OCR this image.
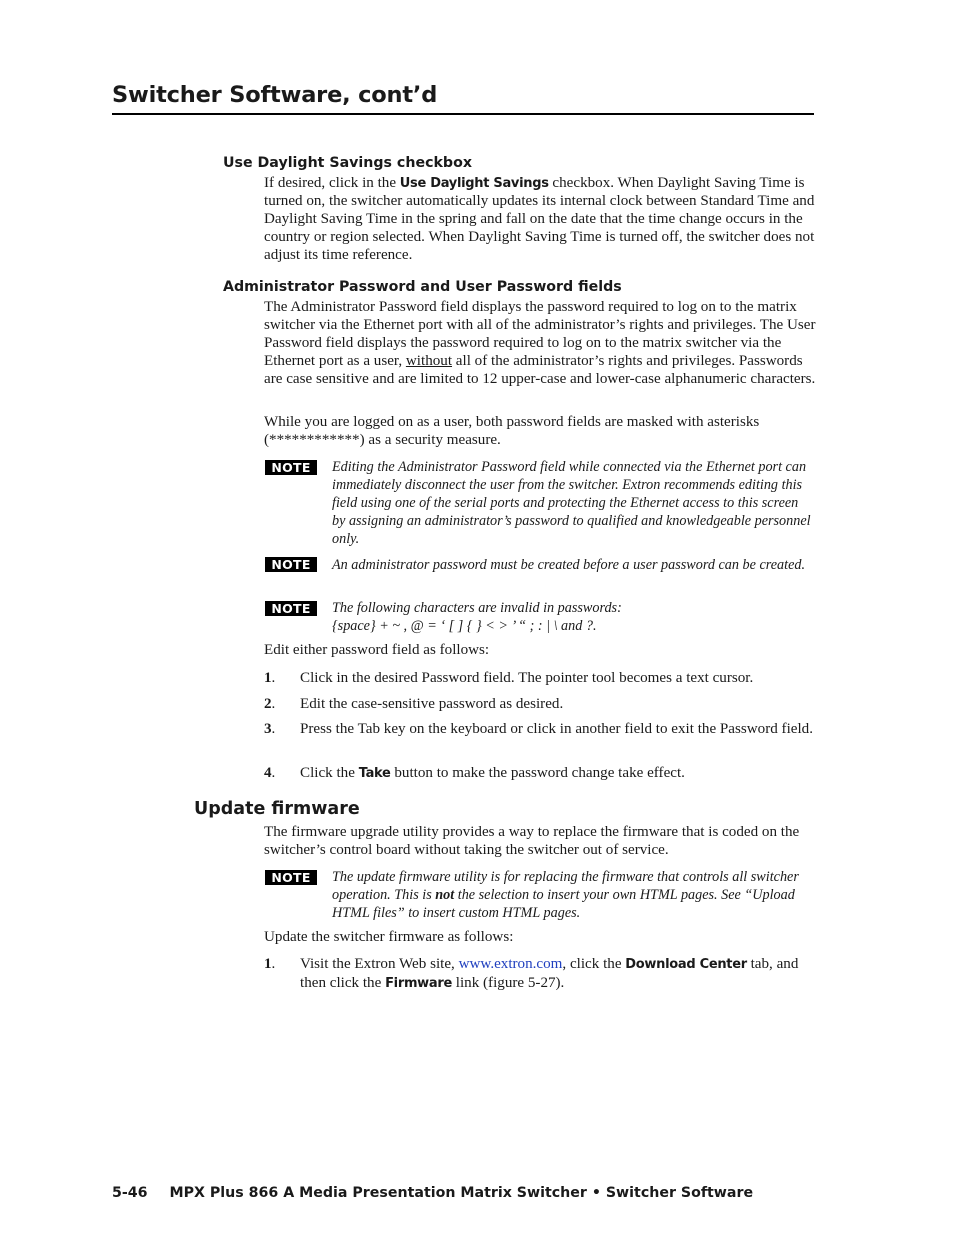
Switcher Software, cont’d
Use Daylight Savings checkbox

If desired, click in the Use Daylight Savings checkbox. When Daylight Saving Time is turned on, the switcher automatically updates its internal clock between Standard Time and Daylight Saving Time in the spring and fall on the date that the time change occurs in the country or region selected. When Daylight Saving Time is turned off, the switcher does not adjust its time reference.

Administrator Password and User Password fields

The Administrator Password field displays the password required to log on to the matrix switcher via the Ethernet port with all of the administrator’s rights and privileges. The User Password field displays the password required to log on to the matrix switcher via the Ethernet port as a user, without all of the administrator’s rights and privileges. Passwords are case sensitive and are limited to 12 upper-case and lower-case alphanumeric characters.

While you are logged on as a user, both password fields are masked with asterisks (************) as a security measure.

NOTE	Editing the Administrator Password field while connected via the Ethernet port can immediately disconnect the user from the switcher. Extron recommends editing this field using one of the serial ports and protecting the Ethernet access to this screen by assigning an administrator’s password to qualified and knowledgeable personnel only.

NOTE	An administrator password must be created before a user password can be created.

NOTE	The following characters are invalid in passwords:
{space} + ~ , @ = ‘ [ ] { } < > ’ “ ; : | \ and ?.

Edit either password field as follows:

1. Click in the desired Password field. The pointer tool becomes a text cursor.

2. Edit the case-sensitive password as desired.

3. Press the Tab key on the keyboard or click in another field to exit the Password field.

4. Click the Take button to make the password change take effect.

Update firmware

The firmware upgrade utility provides a way to replace the firmware that is coded on the switcher’s control board without taking the switcher out of service.

NOTE	The update firmware utility is for replacing the firmware that controls all switcher operation. This is not the selection to insert your own HTML pages. See “Upload HTML files” to insert custom HTML pages.

Update the switcher firmware as follows:

1. Visit the Extron Web site, www.extron.com, click the Download Center tab, and then click the Firmware link (figure 5-27).

5-46 MPX Plus 866 A Media Presentation Matrix Switcher • Switcher Software
